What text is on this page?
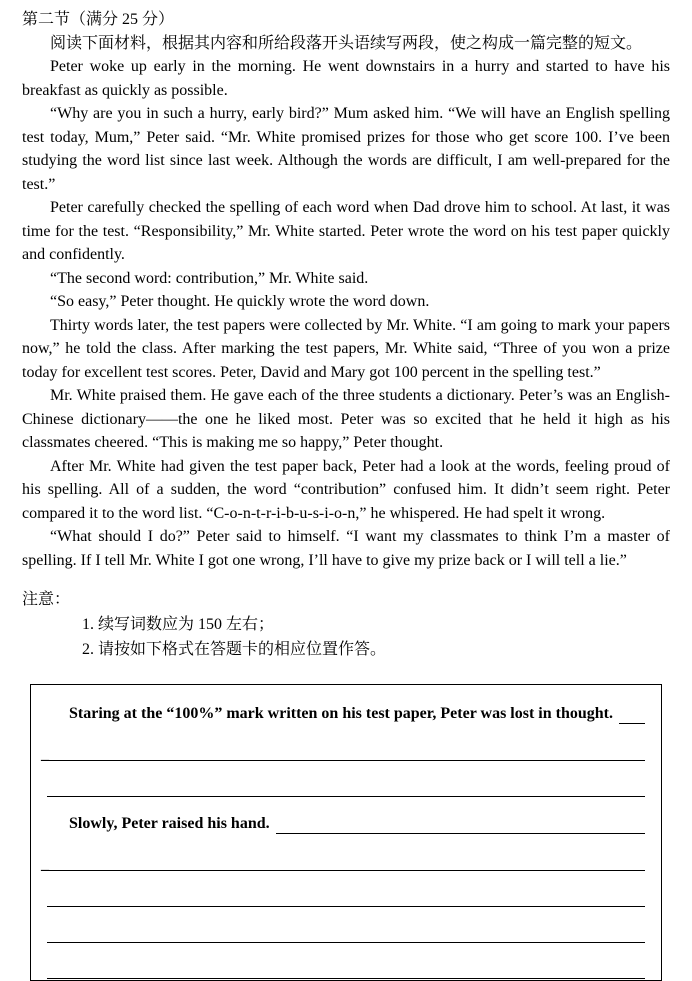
第二节（满分 25 分）
阅读下面材料，根据其内容和所给段落开头语续写两段，使之构成一篇完整的短文。

Peter woke up early in the morning. He went downstairs in a hurry and started to have his breakfast as quickly as possible.

“Why are you in such a hurry, early bird?” Mum asked him. “We will have an English spelling test today, Mum,” Peter said. “Mr. White promised prizes for those who get score 100. I’ve been studying the word list since last week. Although the words are difficult, I am well-prepared for the test.”

Peter carefully checked the spelling of each word when Dad drove him to school. At last, it was time for the test. “Responsibility,” Mr. White started. Peter wrote the word on his test paper quickly and confidently.

“The second word: contribution,” Mr. White said.

“So easy,” Peter thought. He quickly wrote the word down.

Thirty words later, the test papers were collected by Mr. White. “I am going to mark your papers now,” he told the class. After marking the test papers, Mr. White said, “Three of you won a prize today for excellent test scores. Peter, David and Mary got 100 percent in the spelling test.”

Mr. White praised them. He gave each of the three students a dictionary. Peter’s was an English-Chinese dictionary——the one he liked most. Peter was so excited that he held it high as his classmates cheered. “This is making me so happy,” Peter thought.

After Mr. White had given the test paper back, Peter had a look at the words, feeling proud of his spelling. All of a sudden, the word “contribution” confused him. It didn’t seem right. Peter compared it to the word list. “C-o-n-t-r-i-b-u-s-i-o-n,” he whispered. He had spelt it wrong.

“What should I do?” Peter said to himself. “I want my classmates to think I’m a master of spelling. If I tell Mr. White I got one wrong, I’ll have to give my prize back or I will tell a lie.”

注意：
1. 续写词数应为 150 左右；
2. 请按如下格式在答题卡的相应位置作答。
Staring at the “100%” mark written on his test paper, Peter was lost in thought.
_
Slowly, Peter raised his hand.
_
